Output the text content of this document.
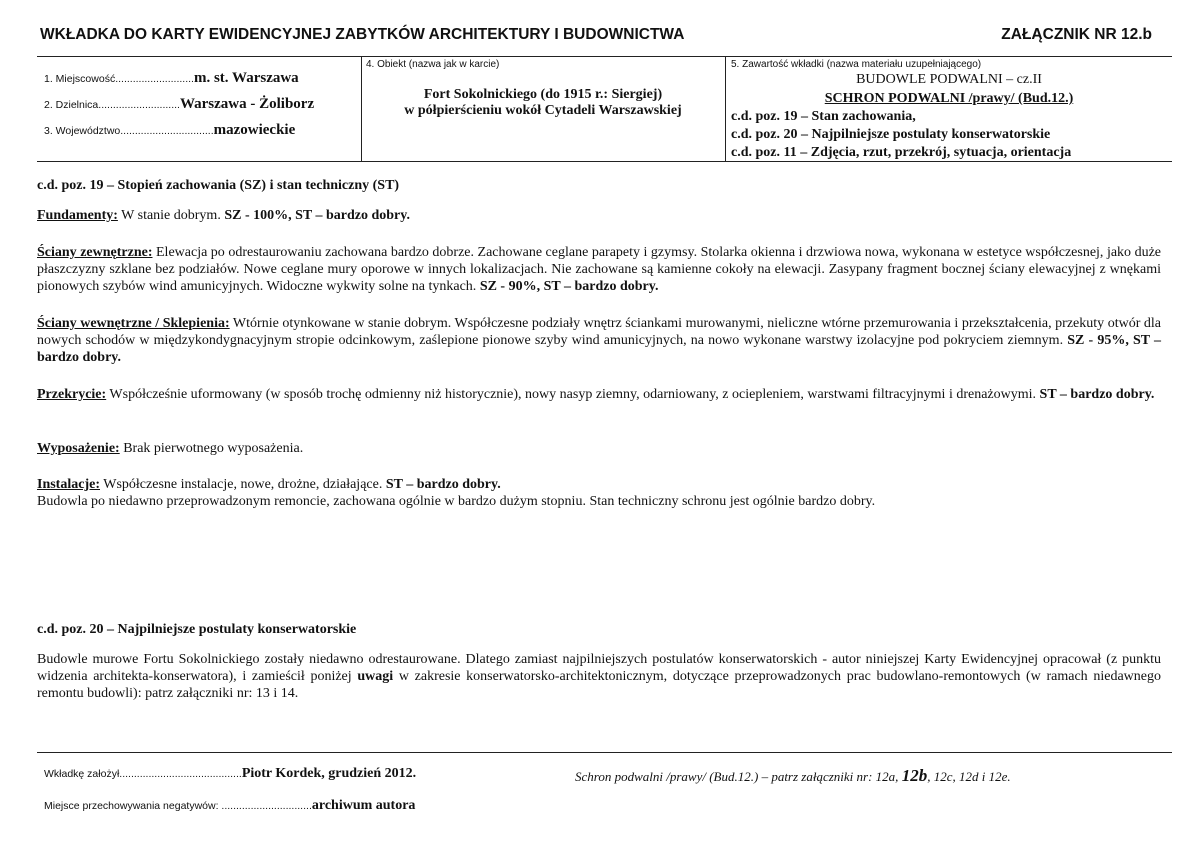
WKŁADKA DO KARTY EWIDENCYJNEJ ZABYTKÓW ARCHITEKTURY I BUDOWNICTWA	ZAŁĄCZNIK NR 12.b
1. Miejscowość...........................m. st. Warszawa
2. Dzielnica............................Warszawa - Żoliborz
3. Województwo................................mazowieckie
4. Obiekt (nazwa jak w karcie)
Fort Sokolnickiego (do 1915 r.: Siergiej)
w półpierścieniu wokół Cytadeli Warszawskiej
5. Zawartość wkładki (nazwa materiału uzupełniającego)
BUDOWLE PODWALNI – cz.II
SCHRON PODWALNI /prawy/ (Bud.12.)
c.d. poz. 19 – Stan zachowania,
c.d. poz. 20 – Najpilniejsze postulaty konserwatorskie
c.d. poz. 11 – Zdjęcia, rzut, przekrój, sytuacja, orientacja
c.d. poz. 19 – Stopień zachowania (SZ) i stan techniczny (ST)
Fundamenty: W stanie dobrym. SZ - 100%, ST – bardzo dobry.
Ściany zewnętrzne: Elewacja po odrestaurowaniu zachowana bardzo dobrze. Zachowane ceglane parapety i gzymsy. Stolarka okienna i drzwiowa nowa, wykonana w estetyce współczesnej, jako duże płaszczyzny szklane bez podziałów. Nowe ceglane mury oporowe w innych lokalizacjach. Nie zachowane są kamienne cokoły na elewacji. Zasypany fragment bocznej ściany elewacyjnej z wnękami pionowych szybów wind amunicyjnych. Widoczne wykwity solne na tynkach. SZ - 90%, ST – bardzo dobry.
Ściany wewnętrzne / Sklepienia: Wtórnie otynkowane w stanie dobrym. Współczesne podziały wnętrz ściankami murowanymi, nieliczne wtórne przemurowania i przekształcenia, przekuty otwór dla nowych schodów w międzykondygnacyjnym stropie odcinkowym, zaślepione pionowe szyby wind amunicyjnych, na nowo wykonane warstwy izolacyjne pod pokryciem ziemnym. SZ - 95%, ST – bardzo dobry.
Przekrycie: Współcześnie uformowany (w sposób trochę odmienny niż historycznie), nowy nasyp ziemny, odarniowany, z ociepleniem, warstwami filtracyjnymi i drenażowymi. ST – bardzo dobry.
Wyposażenie: Brak pierwotnego wyposażenia.
Instalacje: Współczesne instalacje, nowe, drożne, działające. ST – bardzo dobry.
Budowla po niedawno przeprowadzonym remoncie, zachowana ogólnie w bardzo dużym stopniu. Stan techniczny schronu jest ogólnie bardzo dobry.
c.d. poz. 20 – Najpilniejsze postulaty konserwatorskie
Budowle murowe Fortu Sokolnickiego zostały niedawno odrestaurowane. Dlatego zamiast najpilniejszych postulatów konserwatorskich - autor niniejszej Karty Ewidencyjnej opracował (z punktu widzenia architekta-konserwatora), i zamieścił poniżej uwagi w zakresie konserwatorsko-architektonicznym, dotyczące przeprowadzonych prac budowlano-remontowych (w ramach niedawnego remontu budowli): patrz załączniki nr: 13 i 14.
Wkładkę założył..........................................Piotr Kordek, grudzień 2012.
Miejsce przechowywania negatywów: ...............................archiwum autora
Schron podwalni /prawy/ (Bud.12.) – patrz załączniki nr: 12a, 12b, 12c, 12d i 12e.
